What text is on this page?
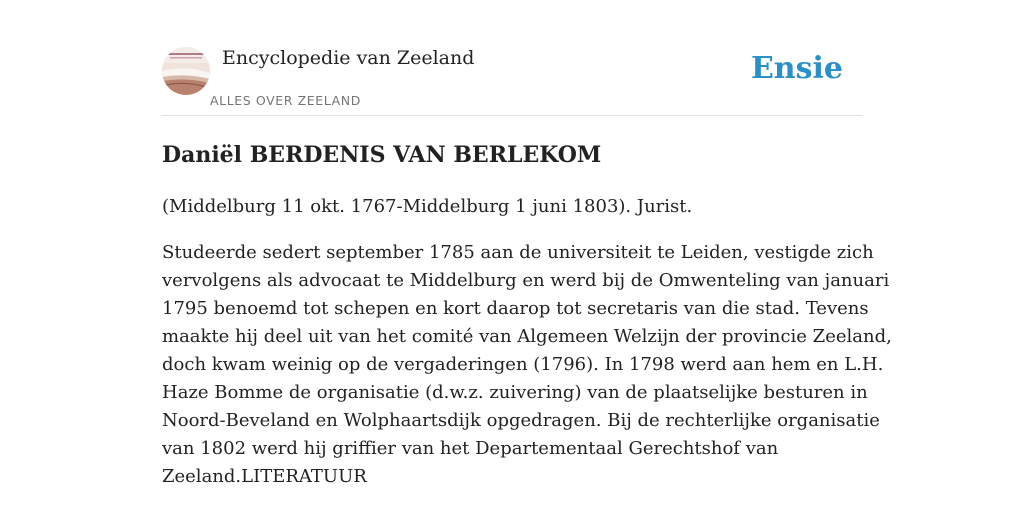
Encyclopedie van Zeeland
ALLES OVER ZEELAND
Ensie
Daniël BERDENIS VAN BERLEKOM

(Middelburg 11 okt. 1767-Middelburg 1 juni 1803). Jurist.

Studeerde sedert september 1785 aan de universiteit te Leiden, vestigde zich
vervolgens als advocaat te Middelburg en werd bij de Omwenteling van januari
1795 benoemd tot schepen en kort daarop tot secretaris van die stad. Tevens
maakte hij deel uit van het comité van Algemeen Welzijn der provincie Zeeland,
doch kwam weinig op de vergaderingen (1796). In 1798 werd aan hem en L.H.
Haze Bomme de organisatie (d.w.z. zuivering) van de plaatselijke besturen in
Noord-Beveland en Wolphaartsdijk opgedragen. Bij de rechterlijke organisatie
van 1802 werd hij griffier van het Departementaal Gerechtshof van
Zeeland.LITERATUUR
